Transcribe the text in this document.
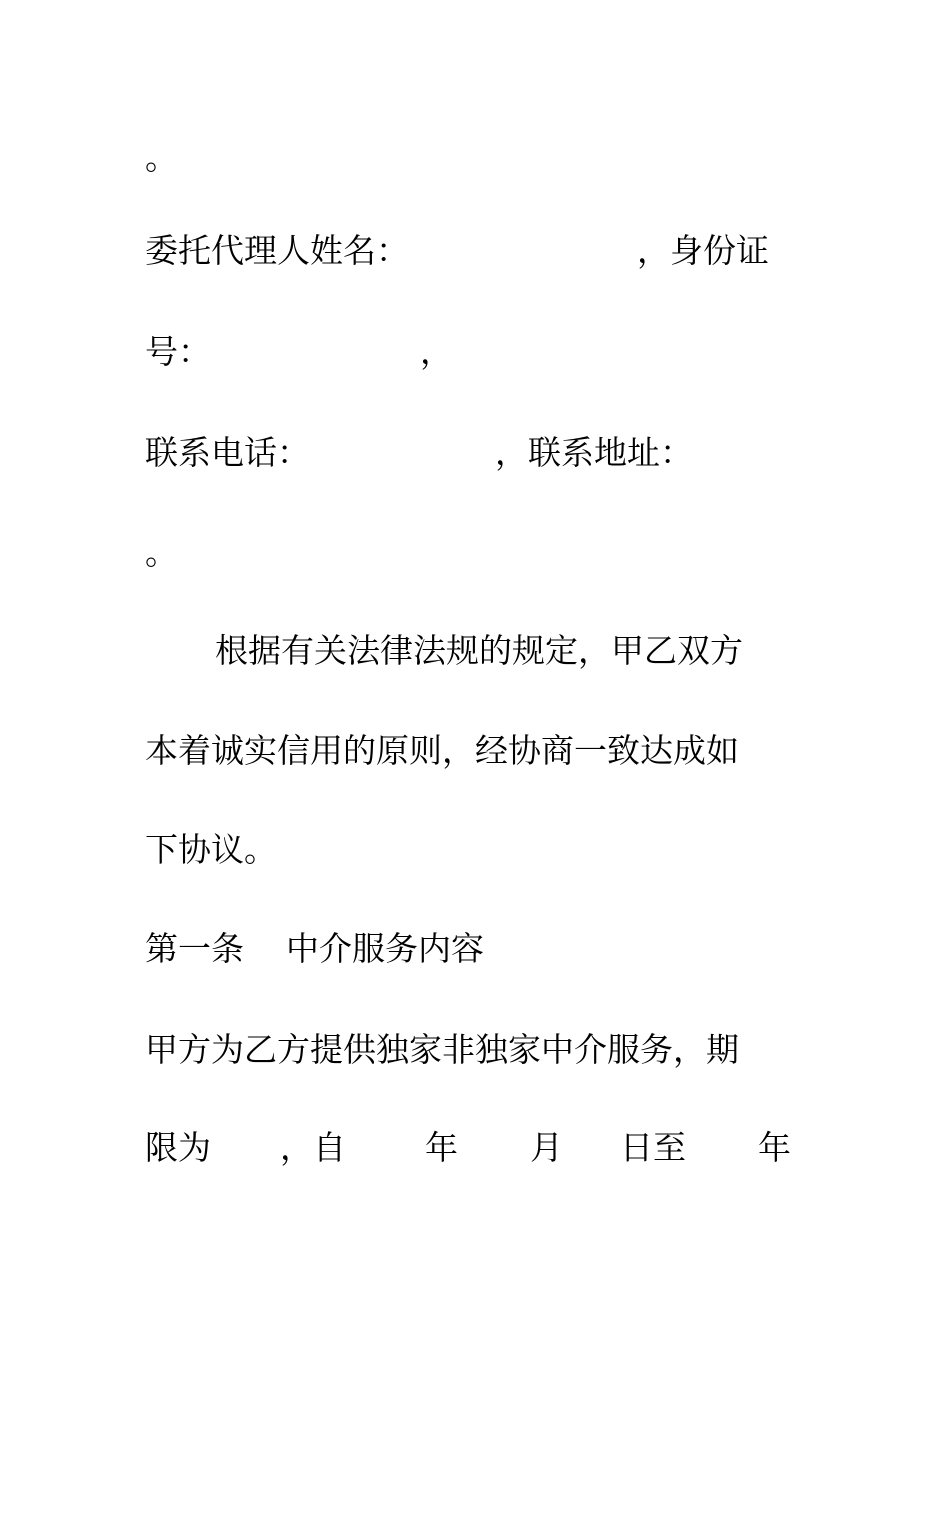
。

委托代理人姓名：

	，身份证

号：

	，

联系电话：

	，联系地址：

。

根据有关法律法规的规定，甲乙双方

本着诚实信用的原则，经协商一致达成如

下协议。

第一条

中介服务内容

甲方为乙方提供独家非独家中介服务，期

限为

，自

年

月

日至

年
